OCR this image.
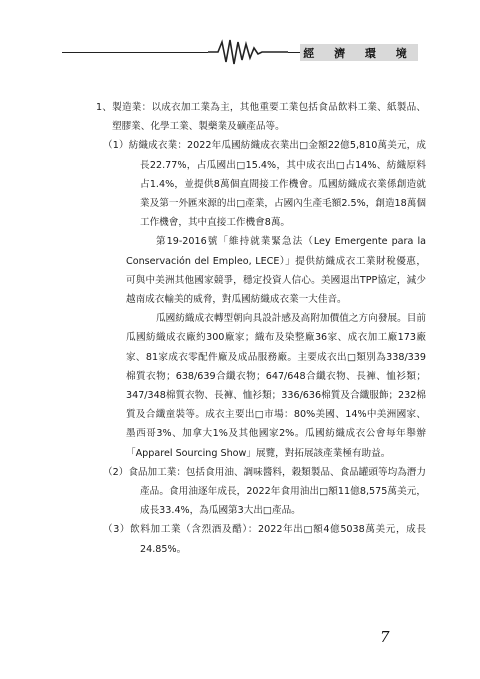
經 濟 環 境

1、製造業：以成衣加工業為主，其他重要工業包括食品飲料工業、紙製品、塑膠業、化學工業、製藥業及礦產品等。

（1）紡織成衣業：2022年瓜國紡織成衣業出□金額22億5,810萬美元，成長22.77%，占瓜國出□15.4%，其中成衣出□占14%、紡織原料占1.4%，並提供8萬個直間接工作機會。瓜國紡織成衣業係創造就業及第一外匯來源的出□產業，占國內生產毛額2.5%，創造18萬個工作機會，其中直接工作機會8萬。

第19-2016號「維持就業緊急法（Ley Emergente para la Conservación del Empleo, LECE）」提供紡織成衣工業財稅優惠，可與中美洲其他國家競爭，穩定投資人信心。美國退出TPP協定，減少越南成衣輸美的威脅，對瓜國紡織成衣業一大佳音。

瓜國紡織成衣轉型朝向具設計感及高附加價值之方向發展。目前瓜國紡織成衣廠約300廠家；織布及染整廠36家、成衣加工廠173廠家、81家成衣零配件廠及成品服務廠。主要成衣出□類別為338/339棉質衣物；638/639合纖衣物；647/648合纖衣物、長褲、恤衫類；347/348棉質衣物、長褲、恤衫類；336/636棉質及合纖服飾；232棉質及合纖童裝等。成衣主要出□市場：80%美國、14%中美洲國家、墨西哥3%、加拿大1%及其他國家2%。瓜國紡織成衣公會每年舉辦「Apparel Sourcing Show」展覽，對拓展該產業極有助益。

（2）食品加工業：包括食用油、調味醬料，穀類製品、食品罐頭等均為潛力產品。食用油逐年成長，2022年食用油出□額11億8,575萬美元，成長33.4%，為瓜國第3大出□產品。

（3）飲料加工業（含烈酒及醋）：2022年出□額4億5038萬美元，成長24.85%。

7
